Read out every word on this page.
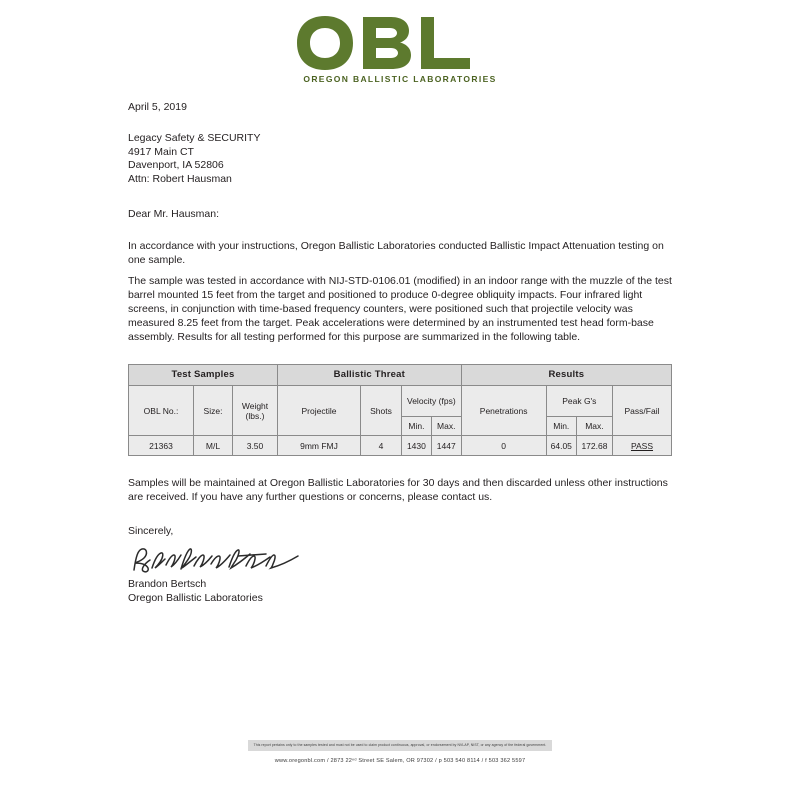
OREGON BALLISTIC LABORATORIES
April 5, 2019
Legacy Safety & SECURITY
4917 Main CT
Davenport, IA 52806
Attn: Robert Hausman
Dear Mr. Hausman:
In accordance with your instructions, Oregon Ballistic Laboratories conducted Ballistic Impact Attenuation testing on one sample.
The sample was tested in accordance with NIJ-STD-0106.01 (modified) in an indoor range with the muzzle of the test barrel mounted 15 feet from the target and positioned to produce 0-degree obliquity impacts. Four infrared light screens, in conjunction with time-based frequency counters, were positioned such that projectile velocity was measured 8.25 feet from the target. Peak accelerations were determined by an instrumented test head form-base assembly. Results for all testing performed for this purpose are summarized in the following table.
Test Samples			Ballistic Threat				Results			
OBL No.:	Size:	Weight (lbs.)	Projectile	Shots	Velocity (fps)		Penetrations	Peak G's		Pass/Fail
					Min.	Max.		Min.	Max.	
21363	M/L	3.50	9mm FMJ	4	1430	1447	0	64.05	172.68	PASS
Samples will be maintained at Oregon Ballistic Laboratories for 30 days and then discarded unless other instructions are received. If you have any further questions or concerns, please contact us.
Sincerely,
Brandon Bertsch
Oregon Ballistic Laboratories
This report pertains only to the samples tested and must not be used to claim product continuous, approval, or endorsement by NVLAP, NIST, or any agency of the federal government.
www.oregonbl.com / 2873 22ⁿᵈ Street SE Salem, OR 97302 / p 503 540 8114 / f 503 362 5597
